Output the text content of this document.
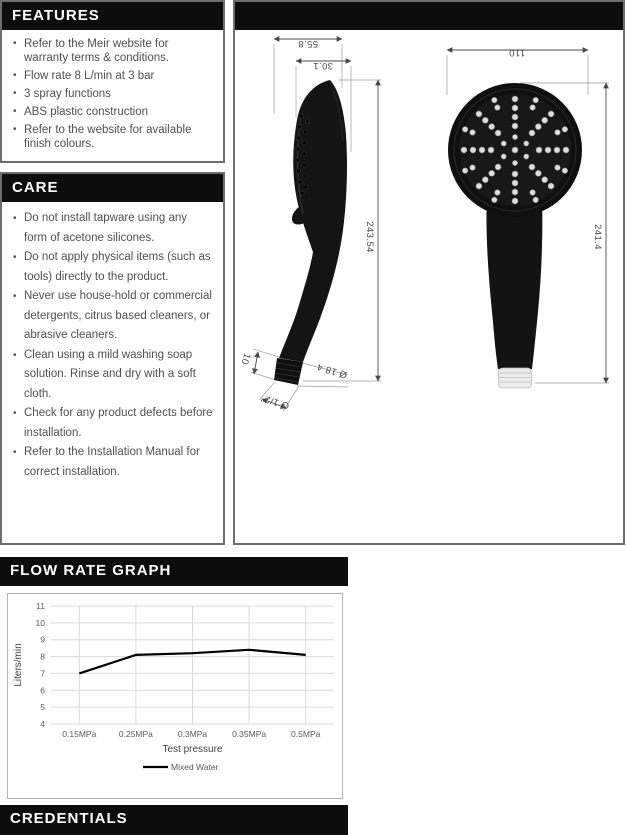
FEATURES
• Refer to the Meir website for warranty terms & conditions.
• Flow rate 8 L/min at 3 bar
• 3 spray functions
• ABS plastic construction
• Refer to the website for available finish colours.
CARE
• Do not install tapware using any form of acetone silicones.
• Do not apply physical items (such as tools) directly to the product.
• Never use house-hold or commercial detergents, citrus based cleaners, or abrasive cleaners.
• Clean using a mild washing soap solution. Rinse and dry with a soft cloth.
• Check for any product defects before installation.
• Refer to the Installation Manual for correct installation.
55.8
30.1
243.54
10
Ø 18.4
G 1/2"
110
241.4
FLOW RATE GRAPH
4
5
6
7
8
9
10
11
0.15MPa	0.25MPa	0.3MPa	0.35MPa	0.5MPa
Test pressure
Liters/min
Mixed Water
CREDENTIALS
